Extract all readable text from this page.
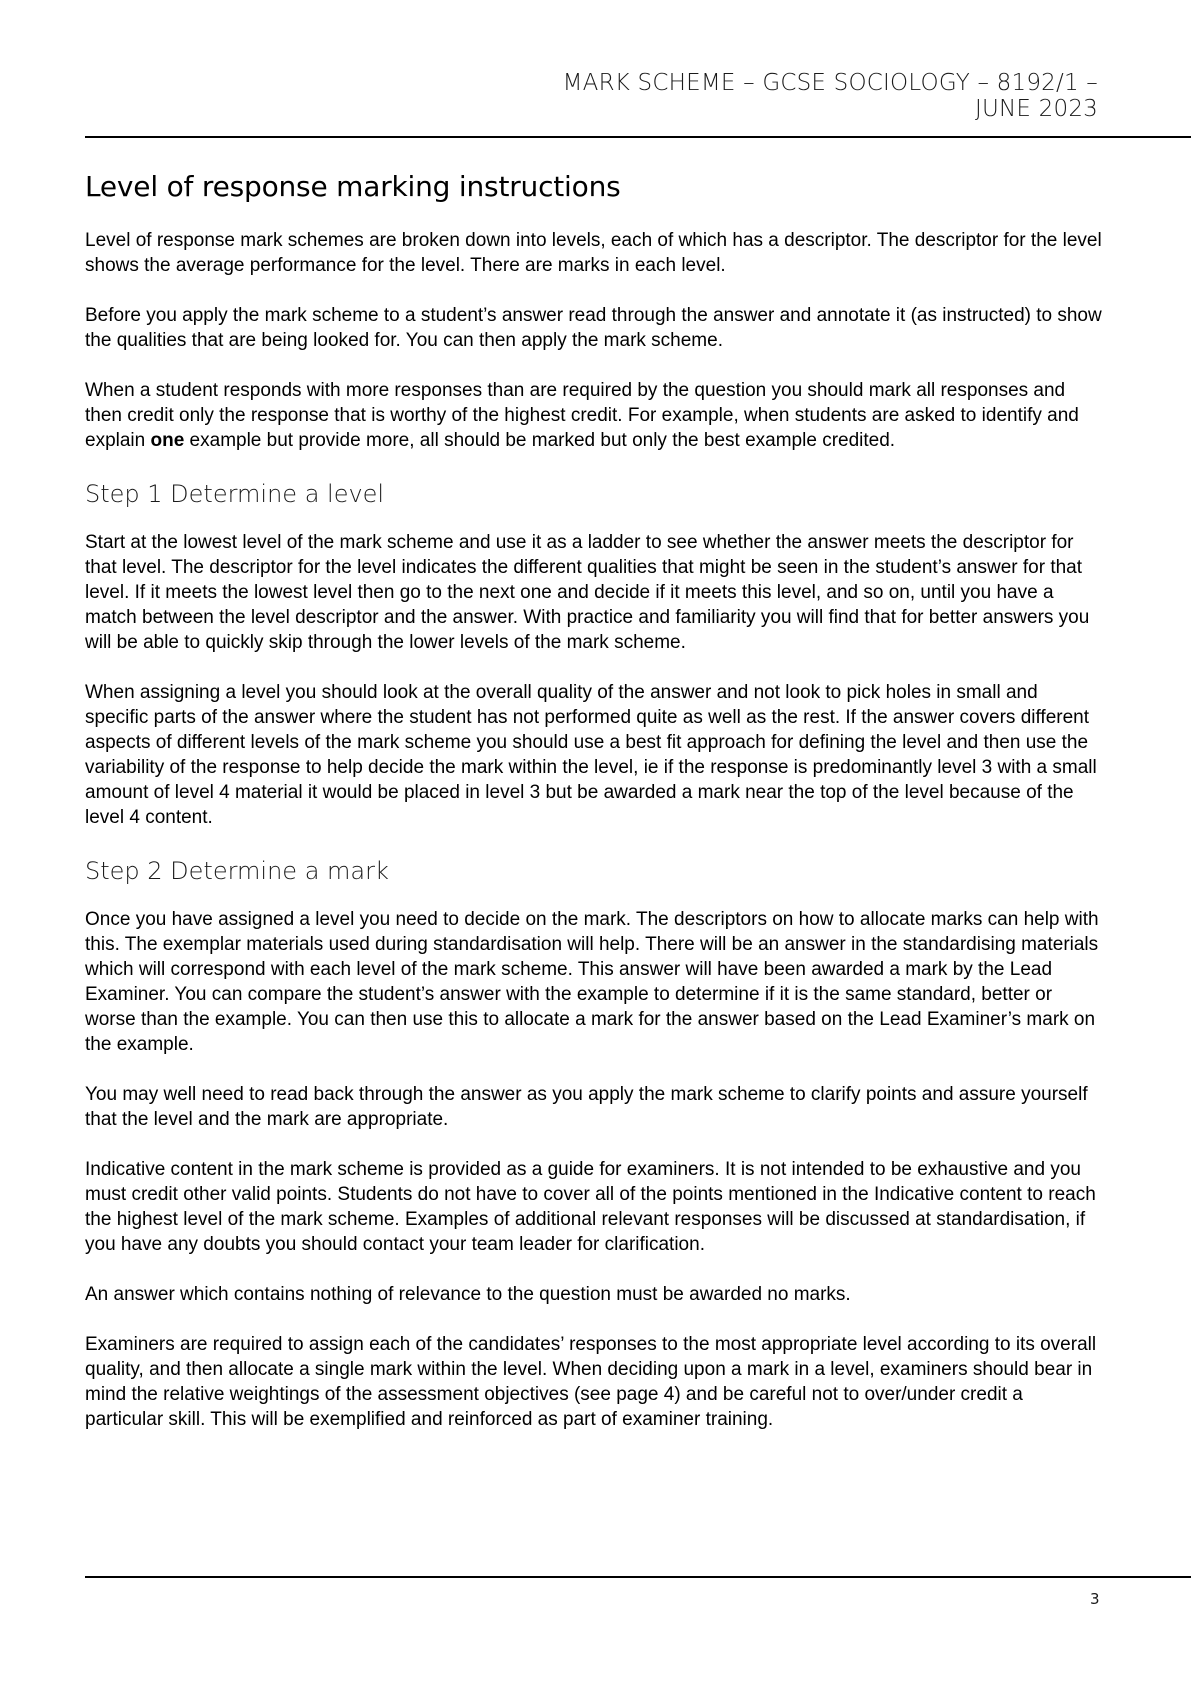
MARK SCHEME – GCSE SOCIOLOGY – 8192/1 – JUNE 2023
Level of response marking instructions

Level of response mark schemes are broken down into levels, each of which has a descriptor. The descriptor for the level shows the average performance for the level. There are marks in each level.

Before you apply the mark scheme to a student’s answer read through the answer and annotate it (as instructed) to show the qualities that are being looked for. You can then apply the mark scheme.

When a student responds with more responses than are required by the question you should mark all responses and then credit only the response that is worthy of the highest credit. For example, when students are asked to identify and explain one example but provide more, all should be marked but only the best example credited.

Step 1 Determine a level

Start at the lowest level of the mark scheme and use it as a ladder to see whether the answer meets the descriptor for that level. The descriptor for the level indicates the different qualities that might be seen in the student’s answer for that level. If it meets the lowest level then go to the next one and decide if it meets this level, and so on, until you have a match between the level descriptor and the answer. With practice and familiarity you will find that for better answers you will be able to quickly skip through the lower levels of the mark scheme.

When assigning a level you should look at the overall quality of the answer and not look to pick holes in small and specific parts of the answer where the student has not performed quite as well as the rest. If the answer covers different aspects of different levels of the mark scheme you should use a best fit approach for defining the level and then use the variability of the response to help decide the mark within the level, ie if the response is predominantly level 3 with a small amount of level 4 material it would be placed in level 3 but be awarded a mark near the top of the level because of the level 4 content.

Step 2 Determine a mark

Once you have assigned a level you need to decide on the mark. The descriptors on how to allocate marks can help with this. The exemplar materials used during standardisation will help. There will be an answer in the standardising materials which will correspond with each level of the mark scheme. This answer will have been awarded a mark by the Lead Examiner. You can compare the student’s answer with the example to determine if it is the same standard, better or worse than the example. You can then use this to allocate a mark for the answer based on the Lead Examiner’s mark on the example.

You may well need to read back through the answer as you apply the mark scheme to clarify points and assure yourself that the level and the mark are appropriate.

Indicative content in the mark scheme is provided as a guide for examiners. It is not intended to be exhaustive and you must credit other valid points. Students do not have to cover all of the points mentioned in the Indicative content to reach the highest level of the mark scheme. Examples of additional relevant responses will be discussed at standardisation, if you have any doubts you should contact your team leader for clarification.

An answer which contains nothing of relevance to the question must be awarded no marks.

Examiners are required to assign each of the candidates’ responses to the most appropriate level according to its overall quality, and then allocate a single mark within the level. When deciding upon a mark in a level, examiners should bear in mind the relative weightings of the assessment objectives (see page 4) and be careful not to over/under credit a particular skill. This will be exemplified and reinforced as part of examiner training.

3
